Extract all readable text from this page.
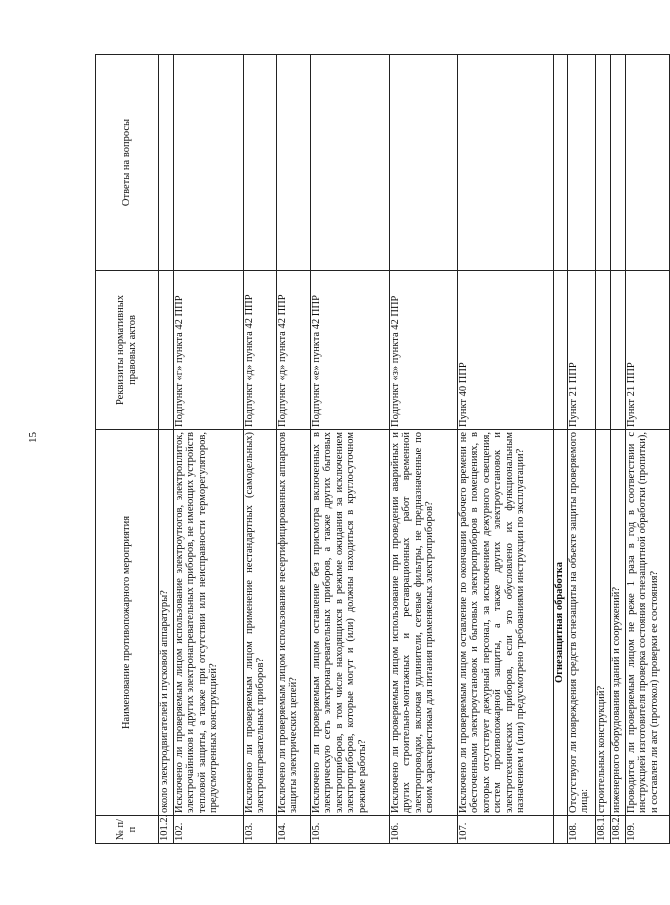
15
№ п/п	Наименование противопожарного мероприятия	Реквизиты нормативных правовых актов	Ответы на вопросы
101.2.	около электродвигателей и пусковой аппаратуры?		

102.	Исключено ли проверяемым лицом использование электроутюгов, электроплиток, электрочайников и других электронагревательных приборов, не имеющих устройств тепловой защиты, а также при отсутствии или неисправности терморегуляторов, предусмотренных конструкцией?	Подпункт «г» пункта 42 ППР	

103.	Исключено ли проверяемым лицом применение нестандартных (самодельных) электронагревательных приборов?	Подпункт «д» пункта 42 ППР	

104.	Исключено ли проверяемым лицом использование несертифицированных аппаратов защиты электрических цепей?	Подпункт «д» пункта 42 ППР	

105.	Исключено ли проверяемым лицом оставление без присмотра включенных в электрическую сеть электронагревательных приборов, а также других бытовых электроприборов, в том числе находящихся в режиме ожидания за исключением электроприборов, которые могут и (или) должны находиться в круглосуточном режиме работы?	Подпункт «е» пункта 42 ППР	

106.	Исключено ли проверяемым лицом использование при проведении аварийных и других строительно-монтажных и реставрационных работ временной электропроводки, включая удлинители, сетевые фильтры, не предназначенные по своим характеристикам для питания применяемых электроприборов?	Подпункт «з» пункта 42 ППР	

107.	Исключено ли проверяемым лицом оставление по окончании рабочего времени не обесточенными электроустановок и бытовых электроприборов в помещениях, в которых отсутствует дежурный персонал, за исключением дежурного освещения, систем противопожарной защиты, а также других электроустановок и электротехнических приборов, если это обусловлено их функциональным назначением и (или) предусмотрено требованиями инструкции по эксплуатации?	Пункт 40 ППР	

	Огнезащитная обработка		

108.	Отсутствуют ли повреждения средств огнезащиты на объекте защиты проверяемого лица:	Пункт 21 ППР	

108.1.	строительных конструкций?		

108.2.	инженерного оборудования зданий и сооружений?		

109.	Проводится ли проверяемым лицом не реже 1 раза в год в соответствии с инструкцией изготовителя проверка состояния огнезащитной обработки (пропитки), и составлен ли акт (протокол) проверки ее состояния?	Пункт 21 ППР	
